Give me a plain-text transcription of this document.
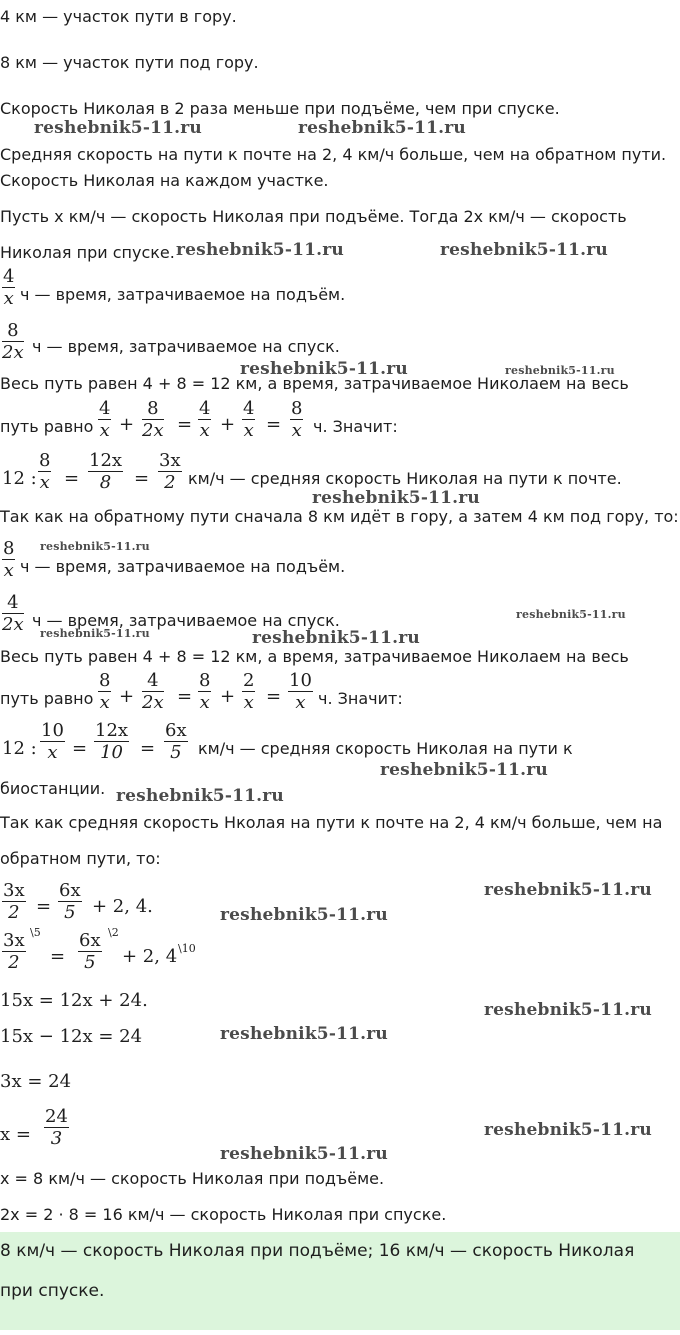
4 км — участок пути в гору.
8 км — участок пути под гору.
Скорость Николая в 2 раза меньше при подъёме, чем при спуске.
Средняя скорость на пути к почте на 2, 4 км/ч больше, чем на обратном пути.
Скорость Николая на каждом участке.
Пусть x км/ч — скорость Николая при подъёме. Тогда 2x км/ч — скорость
Николая при спуске.
4
x ч — время, затрачиваемое на подъём.
8
2x ч — время, затрачиваемое на спуск.
Весь путь равен 4 + 8 = 12 км, а время, затрачиваемое Николаем на весь
путь равно
4
x +
8
2x =
4
x +
4
x =
8
x ч. Значит:
12 :
8
x =
12x
8 =
3x
2 км/ч — средняя скорость Николая на пути к почте.
Так как на обратному пути сначала 8 км идёт в гору, а затем 4 км под гору, то:
8
x ч — время, затрачиваемое на подъём.
4
2x ч — время, затрачиваемое на спуск.
Весь путь равен 4 + 8 = 12 км, а время, затрачиваемое Николаем на весь
путь равно
8
x +
4
2x =
8
x +
2
x =
10
x ч. Значит:
12 :
10
x =
12x
10 =
6x
5 км/ч — средняя скорость Николая на пути к
биостанции.
Так как средняя скорость Нколая на пути к почте на 2, 4 км/ч больше, чем на
обратном пути, то:
3x
2 =
6x
5 + 2, 4.
3x
2
\5
=
6x
5
\2
+ 2, 4 \10
15x = 12x + 24.
15x − 12x = 24
3x = 24
x =
24
3
x = 8 км/ч — скорость Николая при подъёме.
2x = 2 · 8 = 16 км/ч — скорость Николая при спуске.
8 км/ч — скорость Николая при подъёме; 16 км/ч — скорость Николая
при спуске.
reshebnik5-11.ru	reshebnik5-11.ru
reshebnik5-11.ru	reshebnik5-11.ru
reshebnik5-11.ru	reshebnik5-11.ru
reshebnik5-11.ru
reshebnik5-11.ru
reshebnik5-11.ru
reshebnik5-11.ru	reshebnik5-11.ru
reshebnik5-11.ru
reshebnik5-11.ru
reshebnik5-11.ru
reshebnik5-11.ru
reshebnik5-11.ru
reshebnik5-11.ru
reshebnik5-11.ru
reshebnik5-11.ru
